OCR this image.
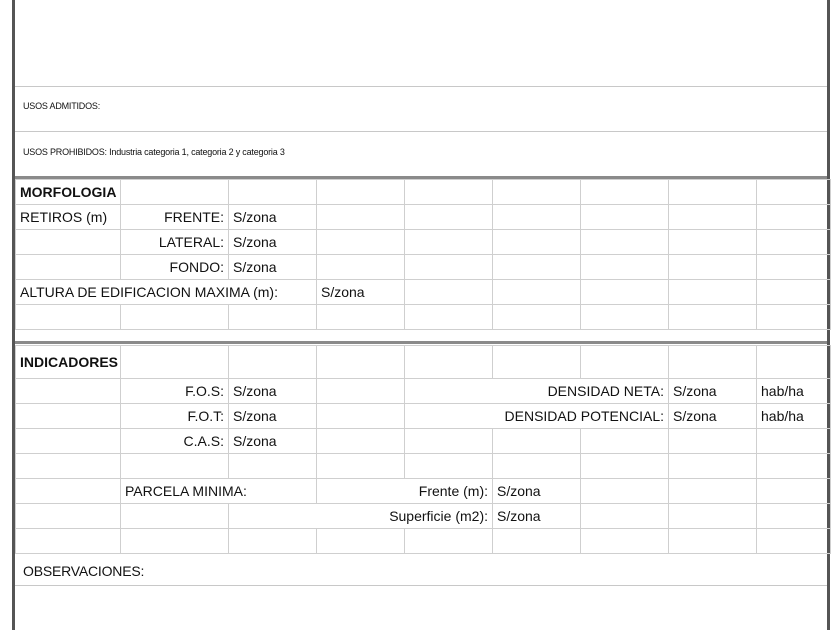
USOS ADMITIDOS:
USOS PROHIBIDOS: Industria categoria 1, categoria 2 y categoria 3
MORFOLOGIA								
RETIROS (m)	FRENTE:	S/zona						
	LATERAL:	S/zona						
	FONDO:	S/zona						
ALTURA DE EDIFICACION MAXIMA (m):			S/zona					

INDICADORES								
	F.O.S:	S/zona		DENSIDAD NETA:			S/zona	hab/ha
	F.O.T:	S/zona		DENSIDAD POTENCIAL:			S/zona	hab/ha
	C.A.S:	S/zona						

	PARCELA MINIMA:		Frente (m):		S/zona			
		Superficie (m2):			S/zona			

OBSERVACIONES:
